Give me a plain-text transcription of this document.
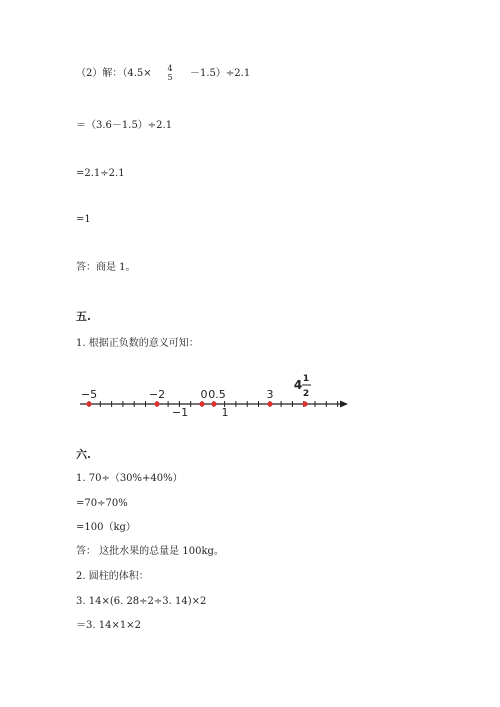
（2）解：（4.5×	4
5 －1.5）÷2.1
＝（3.6－1.5）÷2.1
=2.1÷2.1
=1
答：商是 1。
五.
1. 根据正负数的意义可知：
−5	−2	0 0.5	3
4 1
2
−1	1
六.
1. 70÷（30%+40%）
=70÷70%
=100（kg）
答： 这批水果的总量是 100kg。
2. 圆柱的体积：
3. 14×(6. 28÷2÷3. 14)×2
＝3. 14×1×2
